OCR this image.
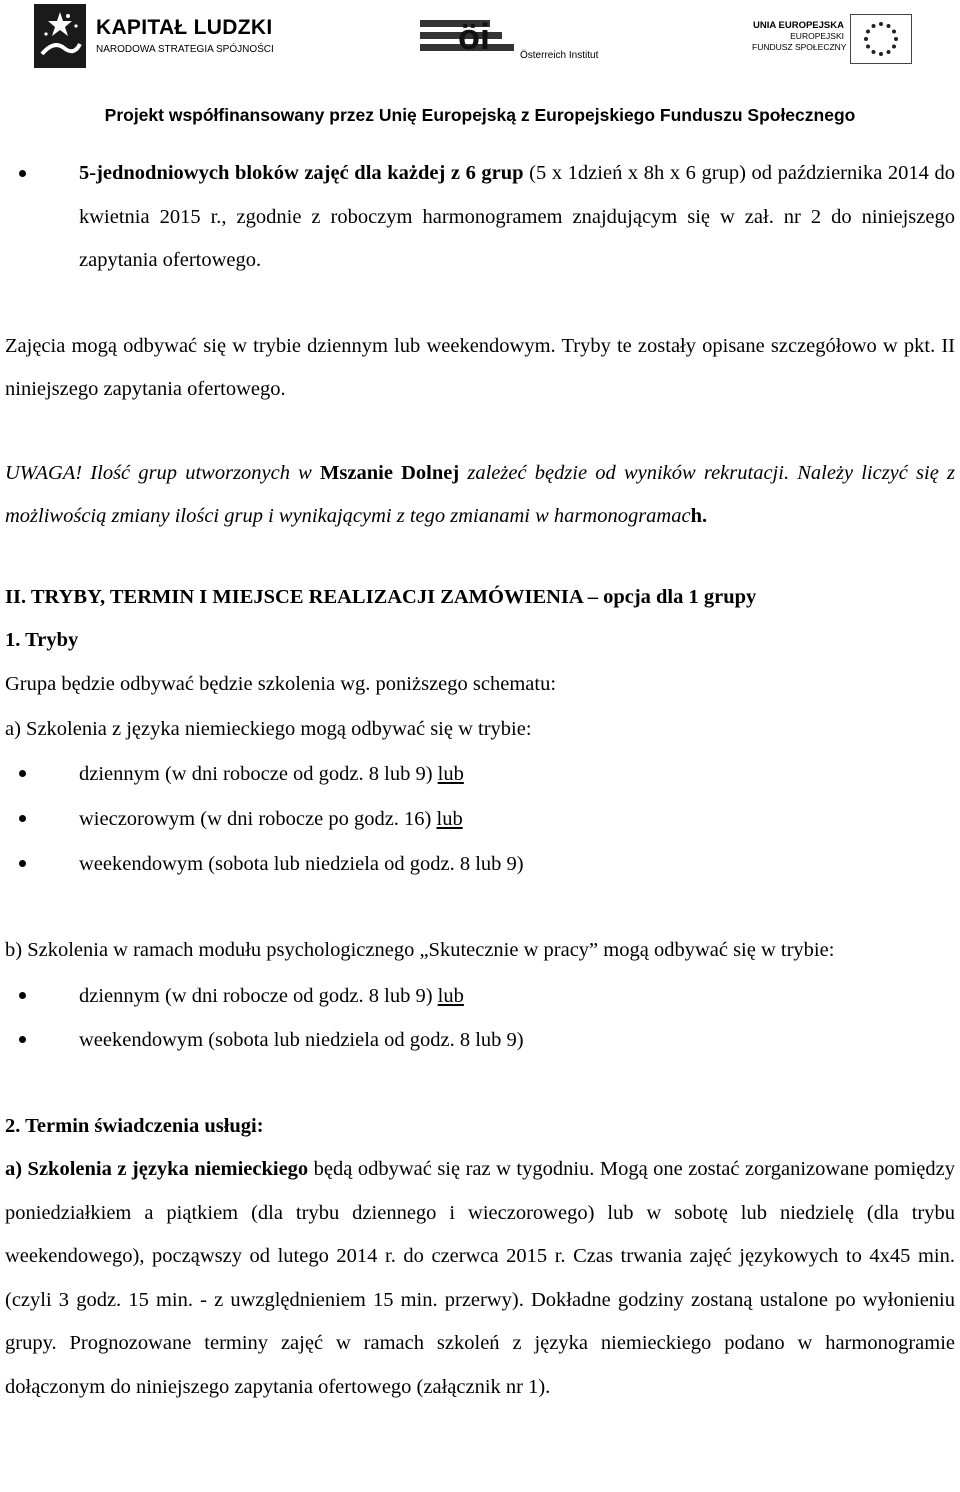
KAPITAŁ LUDZKI
NARODOWA STRATEGIA SPÓJNOŚCI	öi	Österreich Institut
UNIA EUROPEJSKA
EUROPEJSKI
FUNDUSZ SPOŁECZNY
Projekt współfinansowany przez Unię Europejską z Europejskiego Funduszu Społecznego

5-jednodniowych bloków zajęć dla każdej z 6 grup (5 x 1dzień x 8h x 6 grup) od października 2014 do kwietnia 2015 r., zgodnie z roboczym harmonogramem znajdującym się w zał. nr 2 do niniejszego zapytania ofertowego.

Zajęcia mogą odbywać się w trybie dziennym lub weekendowym. Tryby te zostały opisane szczegółowo w pkt. II niniejszego zapytania ofertowego.

UWAGA! Ilość grup utworzonych w Mszanie Dolnej zależeć będzie od wyników rekrutacji. Należy liczyć się z możliwością zmiany ilości grup i wynikającymi z tego zmianami w harmonogramach.

II. TRYBY, TERMIN I MIEJSCE REALIZACJI ZAMÓWIENIA – opcja dla 1 grupy

1. Tryby

Grupa będzie odbywać będzie szkolenia wg. poniższego schematu:

a) Szkolenia z języka niemieckiego mogą odbywać się w trybie:

dziennym (w dni robocze od godz. 8 lub 9) lub
wieczorowym (w dni robocze po godz. 16) lub
weekendowym (sobota lub niedziela od godz. 8 lub 9)

b) Szkolenia w ramach modułu psychologicznego „Skutecznie w pracy” mogą odbywać się w trybie:

dziennym (w dni robocze od godz. 8 lub 9) lub
weekendowym (sobota lub niedziela od godz. 8 lub 9)

2. Termin świadczenia usługi:

a) Szkolenia z języka niemieckiego będą odbywać się raz w tygodniu. Mogą one zostać zorganizowane pomiędzy poniedziałkiem a piątkiem (dla trybu dziennego i wieczorowego) lub w sobotę lub niedzielę (dla trybu weekendowego), począwszy od lutego 2014 r. do czerwca 2015 r. Czas trwania zajęć językowych to 4x45 min. (czyli 3 godz. 15 min. - z uwzględnieniem 15 min. przerwy). Dokładne godziny zostaną ustalone po wyłonieniu grupy. Prognozowane terminy zajęć w ramach szkoleń z języka niemieckiego podano w harmonogramie dołączonym do niniejszego zapytania ofertowego (załącznik nr 1).
